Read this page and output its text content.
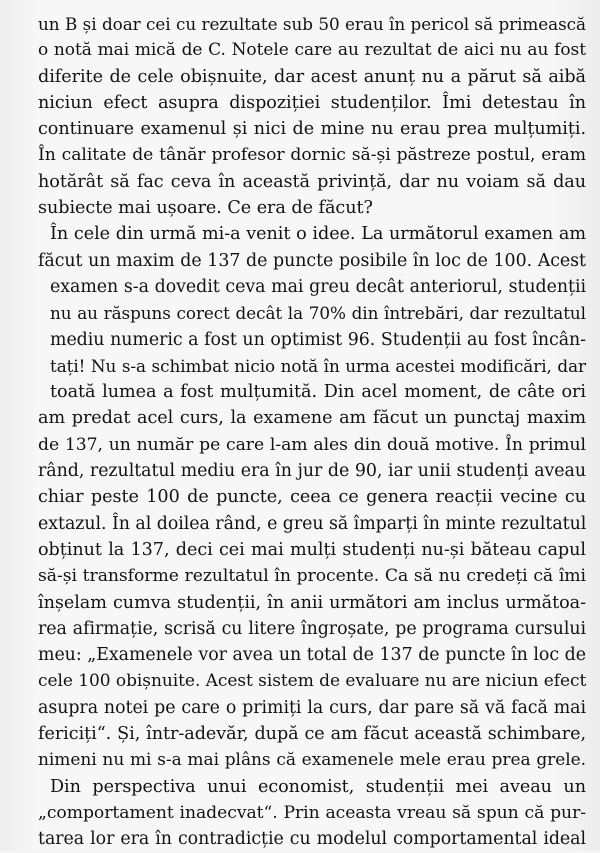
un B și doar cei cu rezultate sub 50 erau în pericol să primească
o notă mai mică de C. Notele care au rezultat de aici nu au fost
diferite de cele obișnuite, dar acest anunț nu a părut să aibă
niciun efect asupra dispoziției studenților. Îmi detestau în
continuare examenul și nici de mine nu erau prea mulțumiți.
În calitate de tânăr profesor dornic să-și păstreze postul, eram
hotărât să fac ceva în această privință, dar nu voiam să dau
subiecte mai ușoare. Ce era de făcut?
În cele din urmă mi-a venit o idee. La următorul examen am
făcut un maxim de 137 de puncte posibile în loc de 100. Acest
examen s-a dovedit ceva mai greu decât anteriorul, studenții
nu au răspuns corect decât la 70% din întrebări, dar rezultatul
mediu numeric a fost un optimist 96. Studenții au fost încân-
tați! Nu s-a schimbat nicio notă în urma acestei modificări, dar
toată lumea a fost mulțumită. Din acel moment, de câte ori
am predat acel curs, la examene am făcut un punctaj maxim
de 137, un număr pe care l-am ales din două motive. În primul
rând, rezultatul mediu era în jur de 90, iar unii studenți aveau
chiar peste 100 de puncte, ceea ce genera reacții vecine cu
extazul. În al doilea rând, e greu să împarți în minte rezultatul
obținut la 137, deci cei mai mulți studenți nu-și băteau capul
să-și transforme rezultatul în procente. Ca să nu credeți că îmi
înșelam cumva studenții, în anii următori am inclus următoa-
rea afirmație, scrisă cu litere îngroșate, pe programa cursului
meu: „Examenele vor avea un total de 137 de puncte în loc de
cele 100 obișnuite. Acest sistem de evaluare nu are niciun efect
asupra notei pe care o primiți la curs, dar pare să vă facă mai
fericiți“. Și, într-adevăr, după ce am făcut această schimbare,
nimeni nu mi s-a mai plâns că examenele mele erau prea grele.
Din perspectiva unui economist, studenții mei aveau un
„comportament inadecvat“. Prin aceasta vreau să spun că pur-
tarea lor era în contradicție cu modelul comportamental ideal
